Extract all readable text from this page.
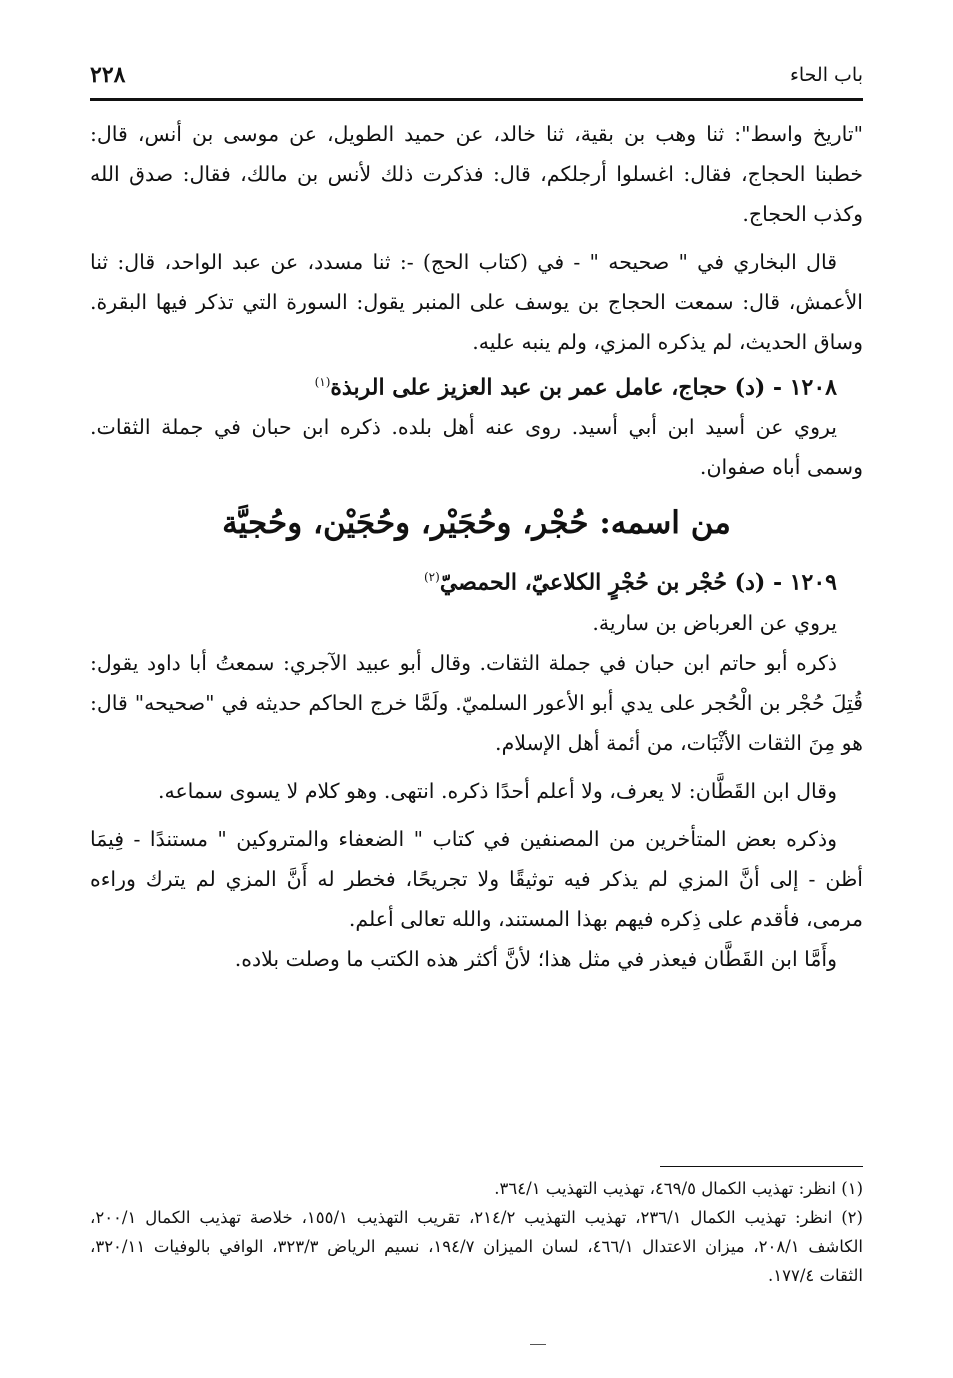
٢٢٨	باب الحاء

"تاريخ واسط": ثنا وهب بن بقية، ثنا خالد، عن حميد الطويل، عن موسى بن أنس، قال: خطبنا الحجاج، فقال: اغسلوا أرجلكم، قال: فذكرت ذلك لأنس بن مالك، فقال: صدق الله وكذب الحجاج.

قال البخاري في " صحيحه " - في (كتاب الحج) -: ثنا مسدد، عن عبد الواحد، قال: ثنا الأعمش، قال: سمعت الحجاج بن يوسف على المنبر يقول: السورة التي تذكر فيها البقرة. وساق الحديث، لم يذكره المزي، ولم ينبه عليه.

١٢٠٨ - (د) حجاج، عامل عمر بن عبد العزيز على الربذة$^{(١)}$

يروي عن أسيد ابن أبي أسيد. روى عنه أهل بلده. ذكره ابن حبان في جملة الثقات. وسمى أباه صفوان.

من اسمه: حُجْر، وحُجَيْر، وحُجَيْن، وحُجيَّة
١٢٠٩ - (د) حُجْر بن حُجْرٍ الكلاعيّ، الحمصيّ$^{(٢)}$

يروي عن العرباض بن سارية.

ذكره أبو حاتم ابن حبان في جملة الثقات. وقال أبو عبيد الآجري: سمعتُ أبا داود يقول: قُتِلَ حُجْر بن الْحُجر على يدي أبو الأعور السلميّ. ولَمَّا خرج الحاكم حديثه في "صحيحه" قال: هو مِنَ الثقات الأثْبَات، من أئمة أهل الإسلام.

وقال ابن القَطَّان: لا يعرف، ولا أعلم أحدًا ذكره. انتهى. وهو كلام لا يسوى سماعه.

وذكره بعض المتأخرين من المصنفين في كتاب " الضعفاء والمتروكين " مستندًا - فِيمَا أظن - إلى أنَّ المزي لم يذكر فيه توثيقًا ولا تجريحًا، فخطر له أَنَّ المزي لم يترك وراءه مرمى، فأقدم على ذِكره فيهم بهذا المستند، والله تعالى أعلم.

وأَمَّا ابن القَطَّان فيعذر في مثل هذا؛ لأنَّ أكثر هذه الكتب ما وصلت بلاده.

(١) انظر: تهذيب الكمال ٤٦٩/٥، تهذيب التهذيب ٣٦٤/١.

(٢) انظر: تهذيب الكمال ٢٣٦/١، تهذيب التهذيب ٢١٤/٢، تقريب التهذيب ١٥٥/١، خلاصة تهذيب الكمال ٢٠٠/١، الكاشف ٢٠٨/١، ميزان الاعتدال ٤٦٦/١، لسان الميزان ١٩٤/٧، نسيم الرياض ٣٢٣/٣، الوافي بالوفيات ٣٢٠/١١، الثقات ١٧٧/٤.
